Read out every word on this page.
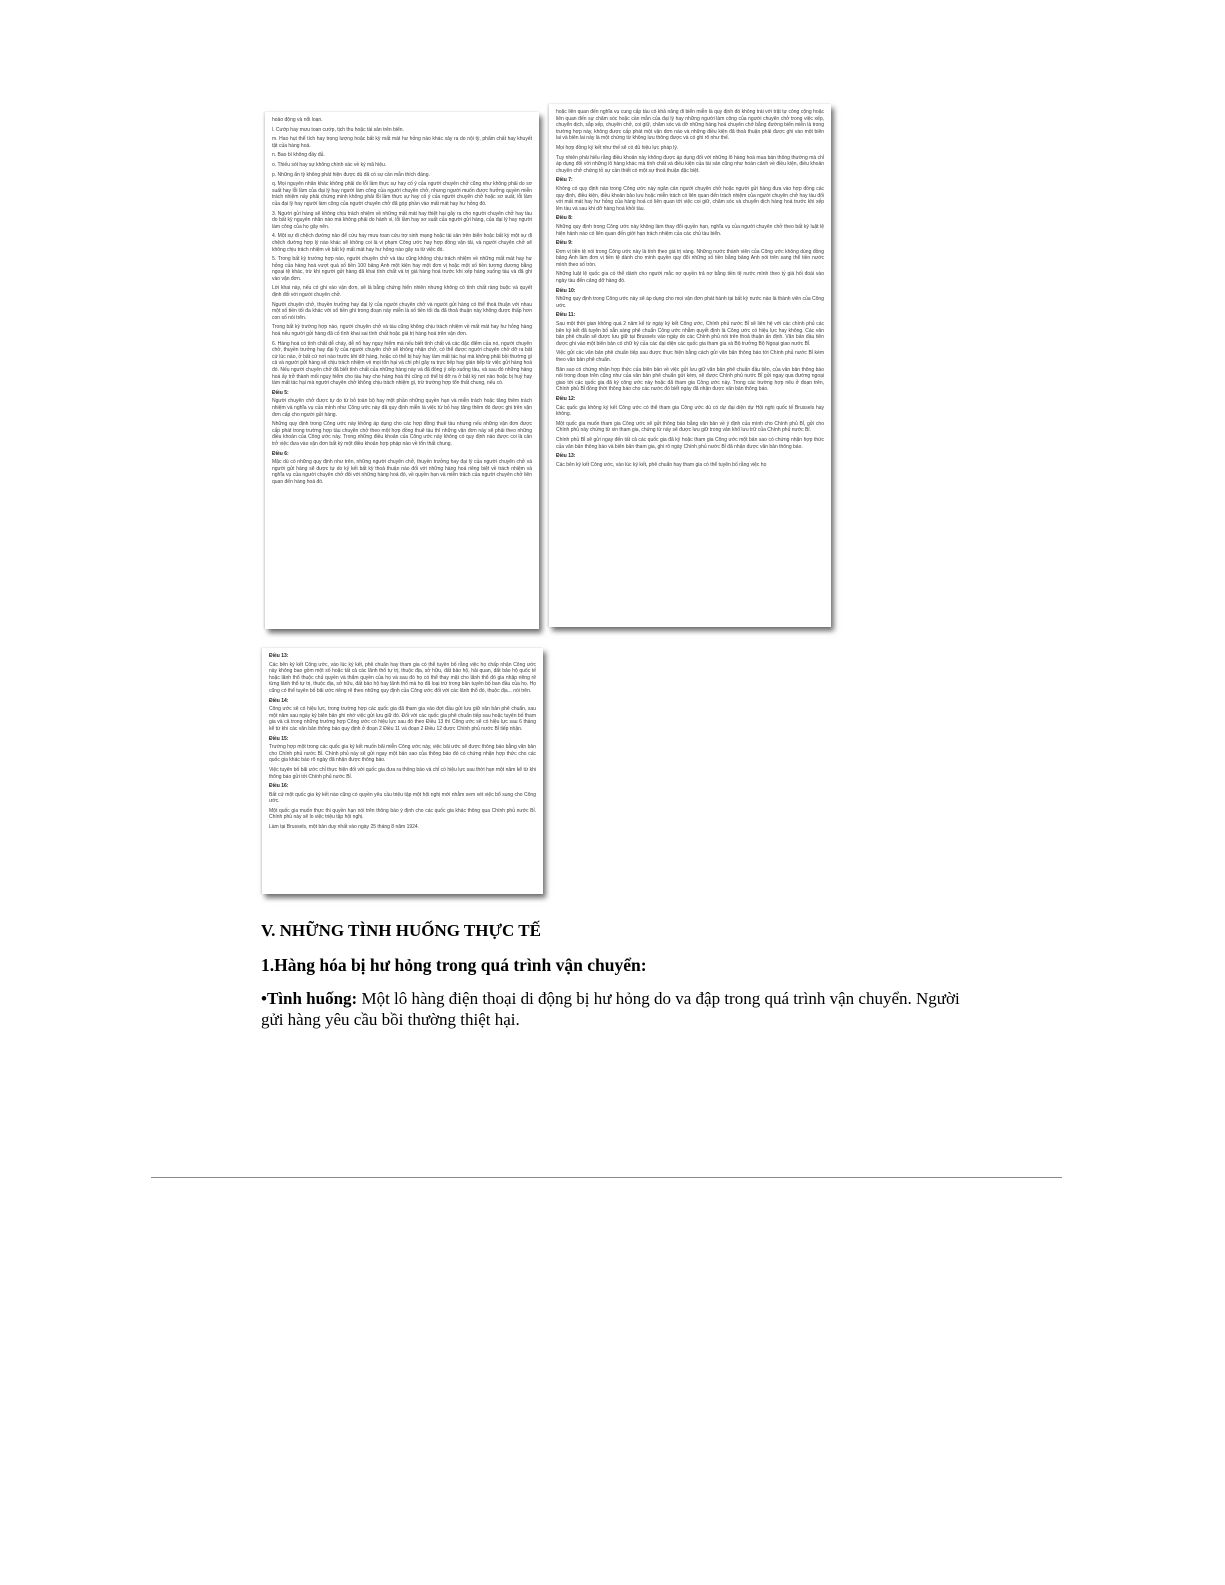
hoảo động và nổi loạn.

l. Cướp hay mưu toan cướp, tịch thu hoặc tài sản trên biển.

m. Hao hụt thể tích hay trọng lượng hoặc bất kỳ mất mát hư hỏng nào khác xảy ra do nội tỳ, phẩm chất hay khuyết tật của hàng hoá.

n. Bao bì không đầy đủ.

o. Thiếu sót hay sự không chính xác về ký mã hiệu.

p. Những ẩn tỳ không phát hiện được dù đã có sự cần mẫn thích đáng.

q. Mọi nguyên nhân khác không phải do lỗi lầm thực sự hay cố ý của người chuyên chở cũng như không phải do sơ suất hay lỗi lầm của đại lý hay người làm công của người chuyên chở, nhưng người muốn được hưởng quyền miễn trách nhiệm này phải chứng minh không phải lỗi lầm thực sự hay cố ý của người chuyên chở hoặc sơ suất, lỗi lầm của đại lý hay người làm công của người chuyên chở đã góp phần vào mất mát hay hư hỏng đó.

3. Người gửi hàng sẽ không chịu trách nhiệm về những mất mát hay thiệt hại gây ra cho người chuyên chở hay tàu do bất kỳ nguyên nhân nào mà không phải do hành vi, lỗi lầm hay sơ suất của người gửi hàng, của đại lý hay người làm công của họ gây nên.

4. Một sự đi chệch đường nào để cứu hay mưu toan cứu trợ sinh mạng hoặc tài sản trên biển hoặc bất kỳ một sự đi chệch đường hợp lý nào khác sẽ không coi là vi phạm Công ước hay hợp đồng vận tải, và người chuyên chở sẽ không chịu trách nhiệm về bất kỳ mất mát hay hư hỏng nào gây ra từ việc đó.

5. Trong bất kỳ trường hợp nào, người chuyên chở và tàu cũng không chịu trách nhiệm về những mất mát hay hư hỏng của hàng hoá vượt quá số tiền 100 bảng Anh một kiện hay một đơn vị hoặc một số tiền tương đương bằng ngoại tệ khác, trừ khi người gửi hàng đã khai tính chất và trị giá hàng hoá trước khi xếp hàng xuống tàu và đã ghi vào vận đơn.

Lời khai này, nếu có ghi vào vận đơn, sẽ là bằng chứng hiển nhiên nhưng không có tính chất ràng buộc và quyết định đối với người chuyên chở.

Người chuyên chở, thuyền trưởng hay đại lý của người chuyên chở và người gửi hàng có thể thoả thuận với nhau một số tiền tối đa khác với số tiền ghi trong đoạn này miễn là số tiền tối đa đã thoả thuận này không được thấp hơn con số nói trên.

Trong bất kỳ trường hợp nào, người chuyên chở và tàu cũng không chịu trách nhiệm về mất mát hay hư hỏng hàng hoá nếu người gửi hàng đã cố tình khai sai tính chất hoặc giá trị hàng hoá trên vận đơn.

6. Hàng hoá có tính chất dễ cháy, dễ nổ hay nguy hiểm mà nếu biết tính chất và các đặc điểm của nó, người chuyên chở, thuyền trưởng hay đại lý của người chuyên chở sẽ không nhận chở, có thể được người chuyên chở dỡ ra bất cứ lúc nào, ở bất cứ nơi nào trước khi dỡ hàng, hoặc có thể bị huỷ hay làm mất tác hại mà không phải bồi thường gì cả và người gửi hàng sẽ chịu trách nhiệm về mọi tổn hại và chi phí gây ra trực tiếp hay gián tiếp từ việc gửi hàng hoá đó. Nếu người chuyên chở đã biết tính chất của những hàng này và đã đồng ý xếp xuống tàu, và sau đó những hàng hoá ấy trở thành mối nguy hiểm cho tàu hay cho hàng hoá thì cũng có thể bị dỡ ra ở bất kỳ nơi nào hoặc bị huỷ hay làm mất tác hại mà người chuyên chở không chịu trách nhiệm gì, trừ trường hợp tổn thất chung, nếu có.

Điều 5:

Người chuyên chở được tự do từ bỏ toàn bộ hay một phần những quyền hạn và miễn trách hoặc tăng thêm trách nhiệm và nghĩa vụ của mình như Công ước này đã quy định miễn là việc từ bỏ hay tăng thêm đó được ghi trên vận đơn cấp cho người gửi hàng.

Những quy định trong Công ước này không áp dụng cho các hợp đồng thuê tàu nhưng nếu những vận đơn được cấp phát trong trường hợp tàu chuyên chở theo một hợp đồng thuê tàu thì những vận đơn này sẽ phải theo những điều khoản của Công ước này. Trong những điều khoản của Công ước này không có quy định nào được coi là cản trở việc đưa vào vận đơn bất kỳ một điều khoản hợp pháp nào về tổn thất chung.

Điều 6:

Mặc dù có những quy định như trên, những người chuyên chở, thuyền trưởng hay đại lý của người chuyên chở và người gửi hàng sẽ được tự do ký kết bất kỳ thoả thuận nào đối với những hàng hoá riêng biệt về trách nhiệm và nghĩa vụ của người chuyên chở đối với những hàng hoá đó, về quyền hạn và miễn trách của người chuyên chở liên quan đến hàng hoá đó.

hoặc liên quan đến nghĩa vụ cung cấp tàu có khả năng đi biển miễn là quy định đó không trái với trật tự công cộng hoặc liên quan đến sự chăm sóc hoặc cần mẫn của đại lý hay những người làm công của người chuyên chở trong việc xếp, chuyển dịch, sắp xếp, chuyên chở, coi giữ, chăm sóc và dỡ những hàng hoá chuyên chở bằng đường biển miễn là trong trường hợp này, không được cấp phát một vận đơn nào và những điều kiện đã thoả thuận phải được ghi vào một biên lai và biên lai này là một chứng từ không lưu thông được và có ghi rõ như thế.

Mọi hợp đồng ký kết như thế sẽ có đủ hiệu lực pháp lý.

Tuy nhiên phải hiểu rằng điều khoản này không được áp dụng đối với những lô hàng hoá mua bán thông thường mà chỉ áp dụng đối với những lô hàng khác mà tính chất và điều kiện của tài sản cũng như hoàn cảnh về điều kiện, điều khoản chuyên chở chứng tỏ sự cần thiết có một sự thoả thuận đặc biệt.

Điều 7:

Không có quy định nào trong Công ước này ngăn cản người chuyên chở hoặc người gửi hàng đưa vào hợp đồng các quy định, điều kiện, điều khoản bảo lưu hoặc miễn trách có liên quan đến trách nhiệm của người chuyên chở hay tàu đối với mất mát hay hư hỏng của hàng hoá có liên quan tới việc coi giữ, chăm sóc và chuyển dịch hàng hoá trước khi xếp lên tàu và sau khi dỡ hàng hoá khỏi tàu.

Điều 8:

Những quy định trong Công ước này không làm thay đổi quyền hạn, nghĩa vụ của người chuyên chở theo bất kỳ luật lệ hiện hành nào có liên quan đến giới hạn trách nhiệm của các chủ tàu biển.

Điều 9:

Đơn vị tiền tệ nói trong Công ước này là tính theo giá trị vàng. Những nước thành viên của Công ước không dùng đồng bảng Anh làm đơn vị tiền tệ dành cho mình quyền quy đổi những số tiền bằng bảng Anh nói trên sang thể tiền nước mình theo số tròn.

Những luật lệ quốc gia có thể dành cho người mắc nợ quyền trả nợ bằng tiền tệ nước mình theo tỷ giá hối đoái vào ngày tàu đến cảng dỡ hàng đó.

Điều 10:

Những quy định trong Công ước này sẽ áp dụng cho mọi vận đơn phát hành tại bất kỳ nước nào là thành viên của Công ước.

Điều 11:

Sau một thời gian không quá 2 năm kể từ ngày ký kết Công ước, Chính phủ nước Bỉ sẽ liên hệ với các chính phủ các bên ký kết đã tuyên bố sẵn sàng phê chuẩn Công ước nhằm quyết định là Công ước có hiệu lực hay không. Các văn bản phê chuẩn sẽ được lưu giữ tại Brussels vào ngày do các Chính phủ nói trên thoả thuận ấn định. Văn bản đầu tiên được ghi vào một biên bản có chữ ký của các đại diện các quốc gia tham gia và Bộ trưởng Bộ Ngoại giao nước Bỉ.

Việc gửi các văn bản phê chuẩn tiếp sau được thực hiện bằng cách gửi văn bản thông báo tới Chính phủ nước Bỉ kèm theo văn bản phê chuẩn.

Bản sao có chứng nhận hợp thức của biên bản về việc gửi lưu giữ văn bản phê chuẩn đầu tiên, của văn bản thông báo nói trong đoạn trên cũng như của văn bản phê chuẩn gửi kèm, sẽ được Chính phủ nước Bỉ gửi ngay qua đường ngoại giao tới các quốc gia đã ký công ước này hoặc đã tham gia Công ước này. Trong các trường hợp nêu ở đoạn trên, Chính phủ Bỉ đồng thời thông báo cho các nước đó biết ngày đã nhận được văn bản thông báo.

Điều 12:

Các quốc gia không ký kết Công ước có thể tham gia Công ước dù có dự đại diện dự Hội nghị quốc tế Brussels hay không.

Một quốc gia muốn tham gia Công ước sẽ gửi thông báo bằng văn bản về ý định của mình cho Chính phủ Bỉ, gửi cho Chính phủ này chứng từ xin tham gia, chứng từ này sẽ được lưu giữ trong văn khố lưu trữ của Chính phủ nước Bỉ.

Chính phủ Bỉ sẽ gửi ngay đến tất cả các quốc gia đã ký hoặc tham gia Công ước một bản sao có chứng nhận hợp thức của văn bản thông báo và biên bản tham gia, ghi rõ ngày Chính phủ nước Bỉ đã nhận được văn bản thông báo.

Điều 13:

Các bên ký kết Công ước, vào lúc ký kết, phê chuẩn hay tham gia có thể tuyên bố rằng việc họ

Điều 13:

Các bên ký kết Công ước, vào lúc ký kết, phê chuẩn hay tham gia có thể tuyên bố rằng việc họ chấp nhận Công ước này không bao gồm một số hoặc tất cả các lãnh thổ tự trị, thuộc địa, sở hữu, đất bảo hộ, hải quan, đất bảo hộ quốc tế hoặc lãnh thổ thuộc chủ quyền và thẩm quyền của họ và sau đó họ có thể thay mặt cho lãnh thổ đó gia nhập riêng rẽ từng lãnh thổ tự trị, thuộc địa, sở hữu, đất bảo hộ hay lãnh thổ mà họ đã loại trừ trong bản tuyên bố ban đầu của họ. Họ cũng có thể tuyên bố bãi ước riêng rẽ theo những quy định của Công ước đối với các lãnh thổ đó, thuộc địa... nói trên.

Điều 14:

Công ước sẽ có hiệu lực, trong trường hợp các quốc gia đã tham gia vào đợt đầu gửi lưu giữ văn bản phê chuẩn, sau một năm sau ngày ký biên bản ghi nhớ việc gửi lưu giữ đó. Đối với các quốc gia phê chuẩn tiếp sau hoặc tuyên bố tham gia và cả trong những trường hợp Công ước có hiệu lực sau đó theo Điều 13 thì Công ước sẽ có hiệu lực sau 6 tháng kể từ khi các văn bản thông báo quy định ở đoạn 2 Điều 11 và đoạn 2 Điều 12 được Chính phủ nước Bỉ tiếp nhận.

Điều 15:

Trường hợp một trong các quốc gia ký kết muốn bãi miễn Công ước này, việc bãi ước sẽ được thông báo bằng văn bản cho Chính phủ nước Bỉ. Chính phủ này sẽ gửi ngay một bản sao của thông báo đó có chứng nhận hợp thức cho các quốc gia khác báo rõ ngày đã nhận được thông báo.

Việc tuyên bố bãi ước chỉ thực hiện đối với quốc gia đưa ra thông báo và chỉ có hiệu lực sau thời hạn một năm kể từ khi thông báo gửi tới Chính phủ nước Bỉ.

Điều 16:

Bất cứ một quốc gia ký kết nào cũng có quyền yêu cầu triệu tập một hội nghị mới nhằm xem xét việc bổ sung cho Công ước.

Một quốc gia muốn thực thi quyền hạn nói trên thông báo ý định cho các quốc gia khác thông qua Chính phủ nước Bỉ. Chính phủ này sẽ lo việc triệu tập hội nghị.

Làm tại Brussels, một bản duy nhất vào ngày 25 tháng 8 năm 1924.

V. NHỮNG TÌNH HUỐNG THỰC TẾ
1.Hàng hóa bị hư hỏng trong quá trình vận chuyển:

•Tình huống: Một lô hàng điện thoại di động bị hư hỏng do va đập trong quá trình vận chuyển. Người gửi hàng yêu cầu bồi thường thiệt hại.
